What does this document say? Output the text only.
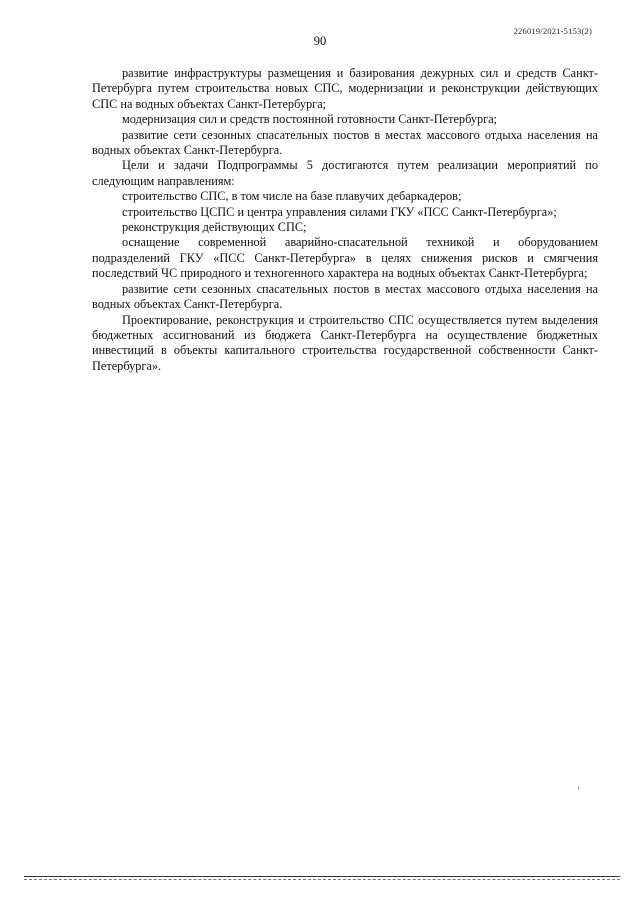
226019/2021-5153(2)
90

развитие инфраструктуры размещения и базирования дежурных сил и средств Санкт-Петербурга путем строительства новых СПС, модернизации и реконструкции действующих СПС на водных объектах Санкт-Петербурга;

модернизация сил и средств постоянной готовности Санкт-Петербурга;

развитие сети сезонных спасательных постов в местах массового отдыха населения на водных объектах Санкт-Петербурга.

Цели и задачи Подпрограммы 5 достигаются путем реализации мероприятий по следующим направлениям:

строительство СПС, в том числе на базе плавучих дебаркадеров;

строительство ЦСПС и центра управления силами ГКУ «ПСС Санкт-Петербурга»;

реконструкция действующих СПС;

оснащение современной аварийно-спасательной техникой и оборудованием подразделений ГКУ «ПСС Санкт-Петербурга» в целях снижения рисков и смягчения последствий ЧС природного и техногенного характера на водных объектах Санкт-Петербурга;

развитие сети сезонных спасательных постов в местах массового отдыха населения на водных объектах Санкт-Петербурга.

Проектирование, реконструкция и строительство СПС осуществляется путем выделения бюджетных ассигнований из бюджета Санкт-Петербурга на осуществление бюджетных инвестиций в объекты капитального строительства государственной собственности Санкт-Петербурга».
